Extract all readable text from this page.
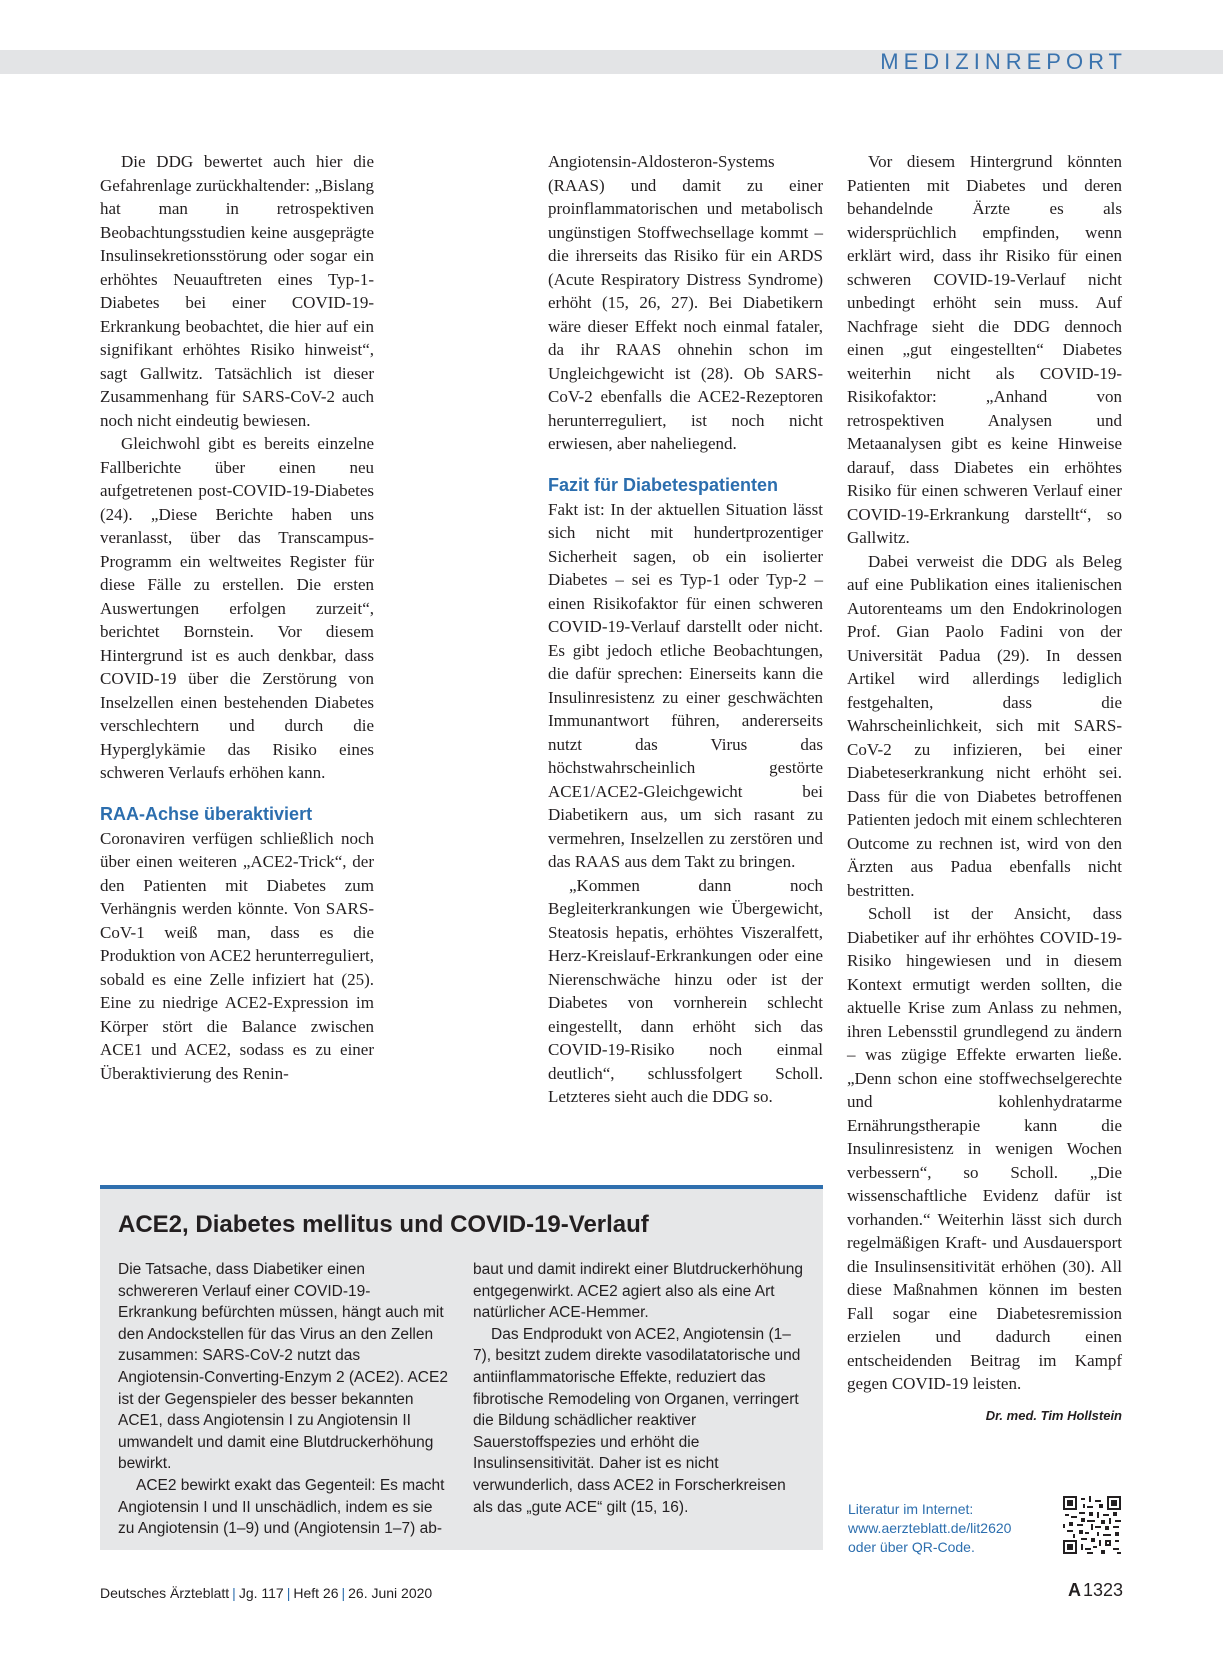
MEDIZINREPORT

Die DDG bewertet auch hier die Gefahrenlage zurückhaltender: „Bislang hat man in retrospektiven Beobachtungsstudien keine ausgeprägte Insulinsekretionsstörung oder sogar ein erhöhtes Neuauftreten eines Typ-1-Diabetes bei einer COVID-19-Erkrankung beobachtet, die hier auf ein signifikant erhöhtes Risiko hinweist“, sagt Gallwitz. Tatsächlich ist dieser Zusammenhang für SARS-CoV-2 auch noch nicht eindeutig bewiesen.

Gleichwohl gibt es bereits einzelne Fallberichte über einen neu aufgetretenen post-COVID-19-Diabetes (24). „Diese Berichte haben uns veranlasst, über das Transcampus-Programm ein weltweites Register für diese Fälle zu erstellen. Die ersten Auswertungen erfolgen zurzeit“, berichtet Bornstein. Vor diesem Hintergrund ist es auch denkbar, dass COVID-19 über die Zerstörung von Inselzellen einen bestehenden Diabetes verschlechtern und durch die Hyperglykämie das Risiko eines schweren Verlaufs erhöhen kann.

RAA-Achse überaktiviert

Coronaviren verfügen schließlich noch über einen weiteren „ACE2-Trick“, der den Patienten mit Diabetes zum Verhängnis werden könnte. Von SARS-CoV-1 weiß man, dass es die Produktion von ACE2 herunterreguliert, sobald es eine Zelle infiziert hat (25). Eine zu niedrige ACE2-Expression im Körper stört die Balance zwischen ACE1 und ACE2, sodass es zu einer Überaktivierung des Renin-

Angiotensin-Aldosteron-Systems (RAAS) und damit zu einer proinflammatorischen und metabolisch ungünstigen Stoffwechsellage kommt – die ihrerseits das Risiko für ein ARDS (Acute Respiratory Distress Syndrome) erhöht (15, 26, 27). Bei Diabetikern wäre dieser Effekt noch einmal fataler, da ihr RAAS ohnehin schon im Ungleichgewicht ist (28). Ob SARS-CoV-2 ebenfalls die ACE2-Rezeptoren herunterreguliert, ist noch nicht erwiesen, aber naheliegend.

Fazit für Diabetespatienten

Fakt ist: In der aktuellen Situation lässt sich nicht mit hundertprozentiger Sicherheit sagen, ob ein isolierter Diabetes – sei es Typ-1 oder Typ-2 – einen Risikofaktor für einen schweren COVID-19-Verlauf darstellt oder nicht. Es gibt jedoch etliche Beobachtungen, die dafür sprechen: Einerseits kann die Insulinresistenz zu einer geschwächten Immunantwort führen, andererseits nutzt das Virus das höchstwahrscheinlich gestörte ACE1/ACE2-Gleichgewicht bei Diabetikern aus, um sich rasant zu vermehren, Inselzellen zu zerstören und das RAAS aus dem Takt zu bringen.

„Kommen dann noch Begleiterkrankungen wie Übergewicht, Steatosis hepatis, erhöhtes Viszeralfett, Herz-Kreislauf-Erkrankungen oder eine Nierenschwäche hinzu oder ist der Diabetes von vornherein schlecht eingestellt, dann erhöht sich das COVID-19-Risiko noch einmal deutlich“, schlussfolgert Scholl. Letzteres sieht auch die DDG so.

Vor diesem Hintergrund könnten Patienten mit Diabetes und deren behandelnde Ärzte es als widersprüchlich empfinden, wenn erklärt wird, dass ihr Risiko für einen schweren COVID-19-Verlauf nicht unbedingt erhöht sein muss. Auf Nachfrage sieht die DDG dennoch einen „gut eingestellten“ Diabetes weiterhin nicht als COVID-19-Risikofaktor: „Anhand von retrospektiven Analysen und Metaanalysen gibt es keine Hinweise darauf, dass Diabetes ein erhöhtes Risiko für einen schweren Verlauf einer COVID-19-Erkrankung darstellt“, so Gallwitz.

Dabei verweist die DDG als Beleg auf eine Publikation eines italienischen Autorenteams um den Endokrinologen Prof. Gian Paolo Fadini von der Universität Padua (29). In dessen Artikel wird allerdings lediglich festgehalten, dass die Wahrscheinlichkeit, sich mit SARS-CoV-2 zu infizieren, bei einer Diabeteserkrankung nicht erhöht sei. Dass für die von Diabetes betroffenen Patienten jedoch mit einem schlechteren Outcome zu rechnen ist, wird von den Ärzten aus Padua ebenfalls nicht bestritten.

Scholl ist der Ansicht, dass Diabetiker auf ihr erhöhtes COVID-19-Risiko hingewiesen und in diesem Kontext ermutigt werden sollten, die aktuelle Krise zum Anlass zu nehmen, ihren Lebensstil grundlegend zu ändern – was zügige Effekte erwarten ließe. „Denn schon eine stoffwechselgerechte und kohlenhydratarme Ernährungstherapie kann die Insulinresistenz in wenigen Wochen verbessern“, so Scholl. „Die wissenschaftliche Evidenz dafür ist vorhanden.“ Weiterhin lässt sich durch regelmäßigen Kraft- und Ausdauersport die Insulinsensitivität erhöhen (30). All diese Maßnahmen können im besten Fall sogar eine Diabetesremission erzielen und dadurch einen entscheidenden Beitrag im Kampf gegen COVID-19 leisten.

Dr. med. Tim Hollstein
ACE2, Diabetes mellitus und COVID-19-Verlauf

Die Tatsache, dass Diabetiker einen schwereren Verlauf einer COVID-19-Erkrankung befürchten müssen, hängt auch mit den Andockstellen für das Virus an den Zellen zusammen: SARS-CoV-2 nutzt das Angiotensin-Converting-Enzym 2 (ACE2). ACE2 ist der Gegenspieler des besser bekannten ACE1, dass Angiotensin I zu Angiotensin II umwandelt und damit eine Blutdruckerhöhung bewirkt.

ACE2 bewirkt exakt das Gegenteil: Es macht Angiotensin I und II unschädlich, indem es sie zu Angiotensin (1–9) und (Angiotensin 1–7) ab-

baut und damit indirekt einer Blutdruckerhöhung entgegenwirkt. ACE2 agiert also als eine Art natürlicher ACE-Hemmer.

Das Endprodukt von ACE2, Angiotensin (1–7), besitzt zudem direkte vasodilatatorische und antiinflammatorische Effekte, reduziert das fibrotische Remodeling von Organen, verringert die Bildung schädlicher reaktiver Sauerstoffspezies und erhöht die Insulinsensitivität. Daher ist es nicht verwunderlich, dass ACE2 in Forscherkreisen als das „gute ACE“ gilt (15, 16).	Literatur im Internet:
www.aerzteblatt.de/lit2620
oder über QR-Code.
Deutsches Ärzteblatt | Jg. 117 | Heft 26 | 26. Juni 2020	A 1323
